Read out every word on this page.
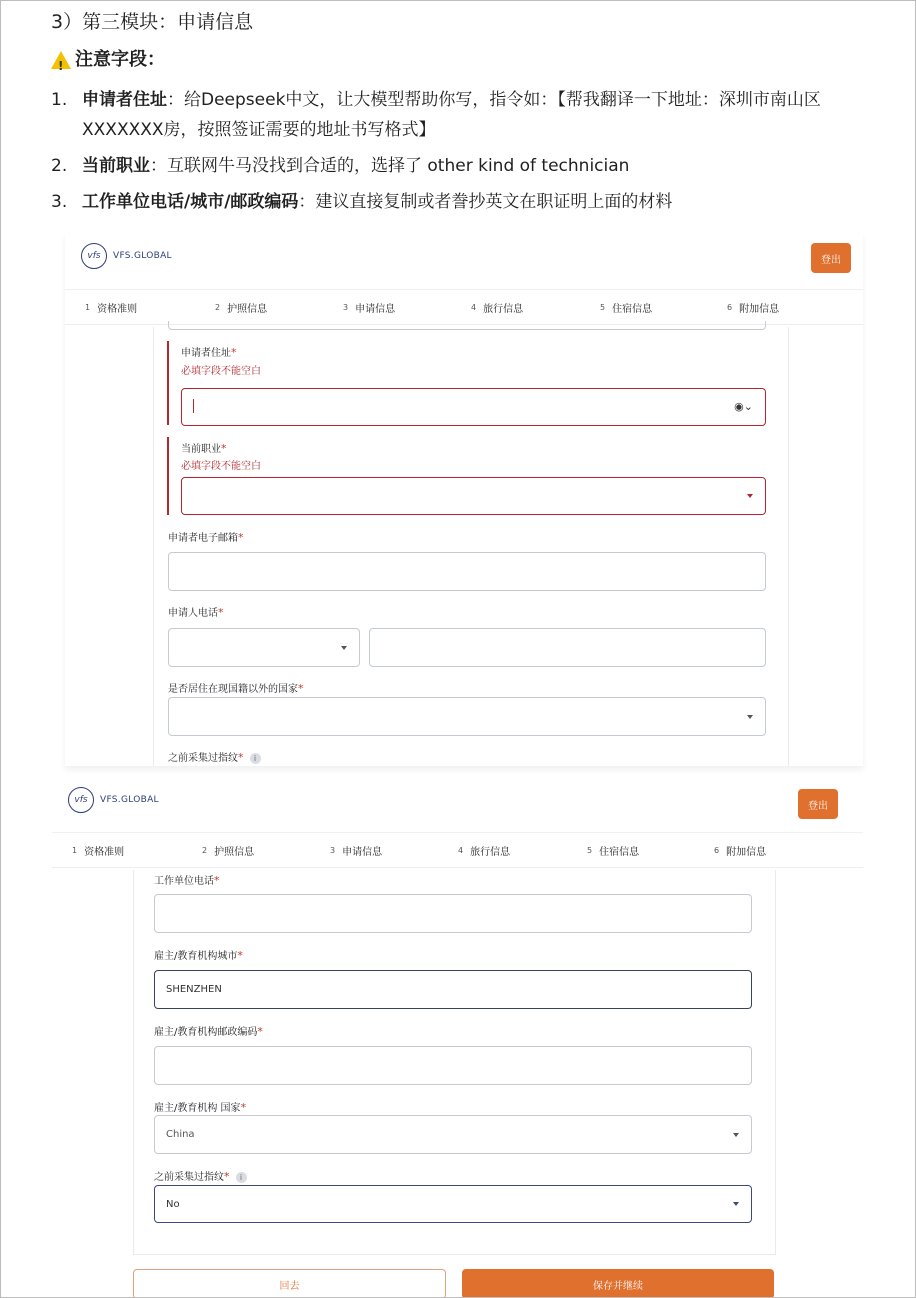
3）第三模块：申请信息
!
注意字段：
1. 申请者住址：给Deepseek中文，让大模型帮助你写，指令如：【帮我翻译一下地址：深圳市南山区XXXXXXX房，按照签证需要的地址书写格式】
2. 当前职业：互联网牛马没找到合适的，选择了 other kind of technician
3. 工作单位电话/城市/邮政编码：建议直接复制或者誊抄英文在职证明上面的材料
vfs	VFS.GLOBAL	登出
1 资格准则	2 护照信息	3 申请信息	4 旅行信息	5 住宿信息	6 附加信息
申请者住址*
必填字段不能空白
◉⌄
当前职业*
必填字段不能空白
申请者电子邮箱*
申请人电话*
是否居住在现国籍以外的国家*
之前采集过指纹* i
vfs	VFS.GLOBAL
登出
1 资格准则	2 护照信息	3 申请信息	4 旅行信息	5 住宿信息	6 附加信息
工作单位电话*
雇主/教育机构城市*
SHENZHEN
雇主/教育机构邮政编码*
雇主/教育机构 国家*
China
之前采集过指纹* i
No
回去	保存并继续
